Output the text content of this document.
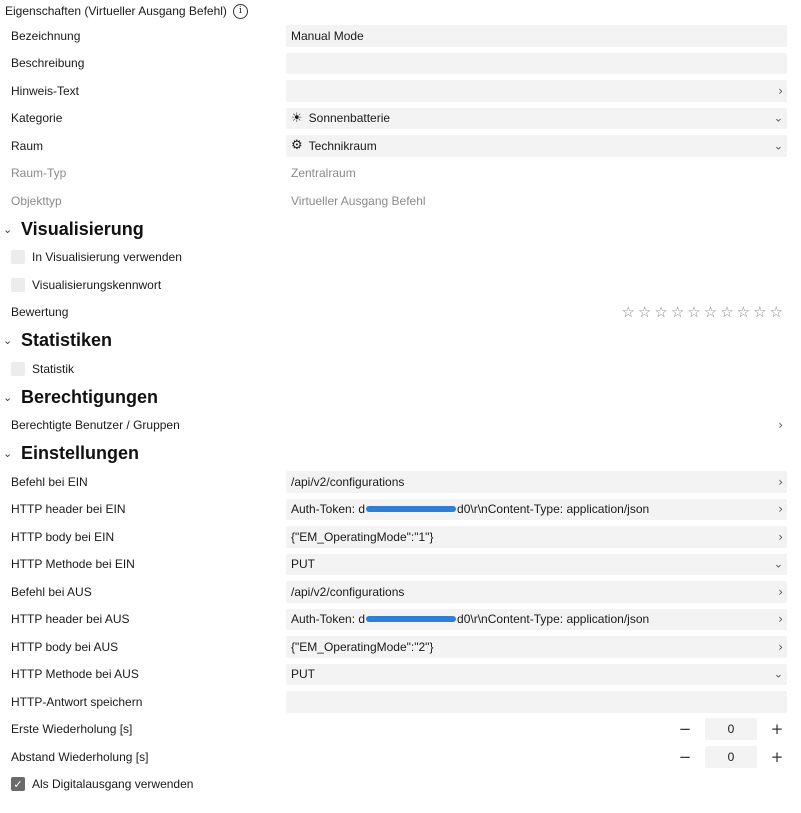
Eigenschaften (Virtueller Ausgang Befehl)	i
Bezeichnung	Manual Mode
Beschreibung
Hinweis-Text	›
Kategorie	☀ Sonnenbatterie	⌄
Raum	⚙ Technikraum	⌄
Raum-Typ	Zentralraum
Objekttyp	Virtueller Ausgang Befehl
⌄ Visualisierung
In Visualisierung verwenden
Visualisierungskennwort
Bewertung	☆ ☆ ☆ ☆ ☆ ☆ ☆ ☆ ☆ ☆
⌄ Statistiken
Statistik
⌄ Berechtigungen
Berechtigte Benutzer / Gruppen	›
⌄ Einstellungen
Befehl bei EIN	/api/v2/configurations	›
HTTP header bei EIN	Auth-Token: d	d0\r\nContent-Type: application/json	›
HTTP body bei EIN	{"EM_OperatingMode":"1"}	›
HTTP Methode bei EIN	PUT	⌄
Befehl bei AUS	/api/v2/configurations	›
HTTP header bei AUS	Auth-Token: d	d0\r\nContent-Type: application/json	›
HTTP body bei AUS	{"EM_OperatingMode":"2"}	›
HTTP Methode bei AUS	PUT	⌄
HTTP-Antwort speichern
Erste Wiederholung [s]	−	0	+
Abstand Wiederholung [s]	−	0	+
✓ Als Digitalausgang verwenden
